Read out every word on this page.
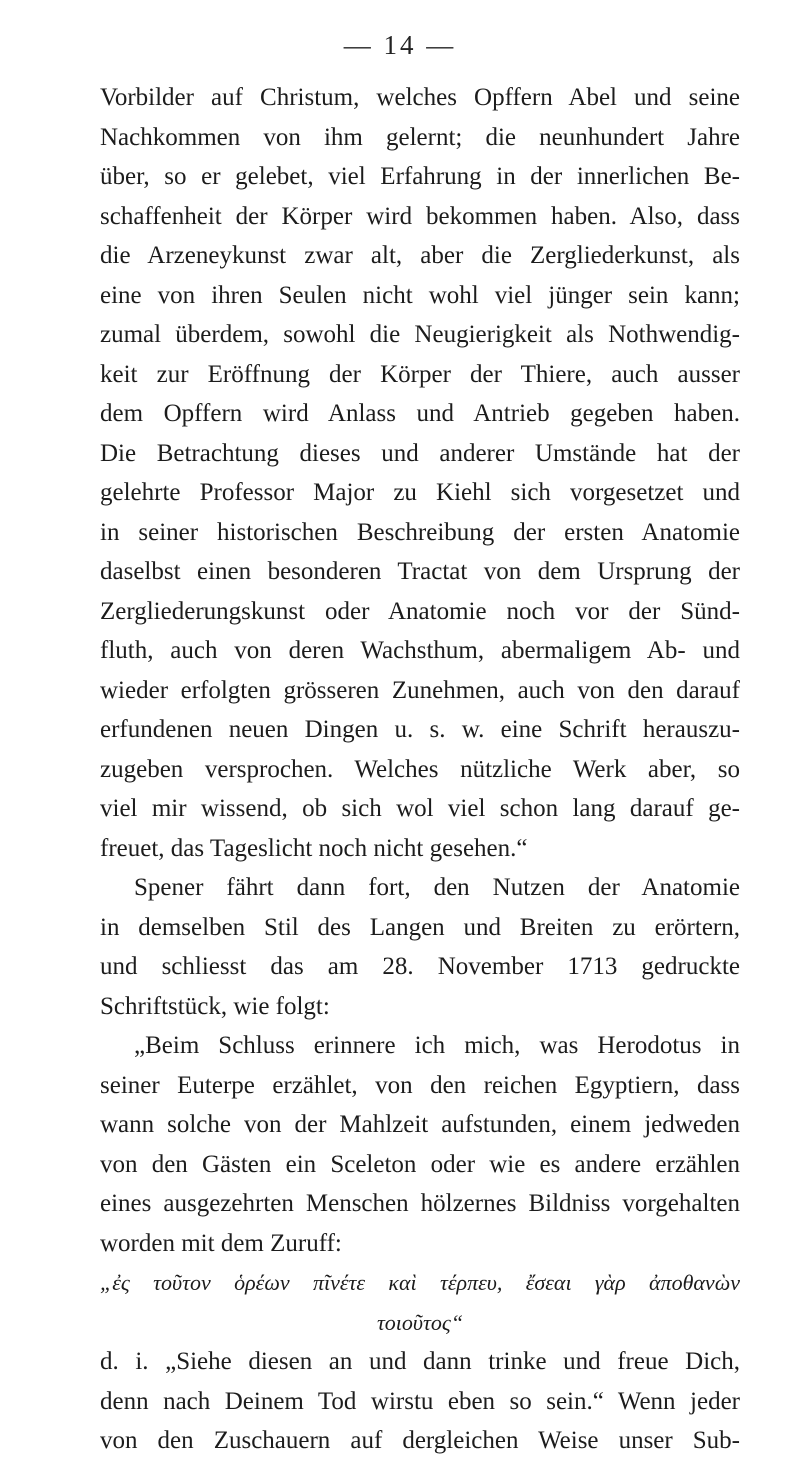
— 14 —
Vorbilder auf Christum, welches Opffern Abel und seine
Nachkommen von ihm gelernt; die neunhundert Jahre
über, so er gelebet, viel Erfahrung in der innerlichen Be-
schaffenheit der Körper wird bekommen haben. Also, dass
die Arzeneykunst zwar alt, aber die Zergliederkunst, als
eine von ihren Seulen nicht wohl viel jünger sein kann;
zumal überdem, sowohl die Neugierigkeit als Nothwendig-
keit zur Eröffnung der Körper der Thiere, auch ausser
dem Opffern wird Anlass und Antrieb gegeben haben.
Die Betrachtung dieses und anderer Umstände hat der
gelehrte Professor Major zu Kiehl sich vorgesetzet und
in seiner historischen Beschreibung der ersten Anatomie
daselbst einen besonderen Tractat von dem Ursprung der
Zergliederungskunst oder Anatomie noch vor der Sünd-
fluth, auch von deren Wachsthum, abermaligem Ab- und
wieder erfolgten grösseren Zunehmen, auch von den darauf
erfundenen neuen Dingen u. s. w. eine Schrift herauszu-
zugeben versprochen. Welches nützliche Werk aber, so
viel mir wissend, ob sich wol viel schon lang darauf ge-
freuet, das Tageslicht noch nicht gesehen.“
Spener fährt dann fort, den Nutzen der Anatomie
in demselben Stil des Langen und Breiten zu erörtern,
und schliesst das am 28. November 1713 gedruckte
Schriftstück, wie folgt:
„Beim Schluss erinnere ich mich, was Herodotus in
seiner Euterpe erzählet, von den reichen Egyptiern, dass
wann solche von der Mahlzeit aufstunden, einem jedweden
von den Gästen ein Sceleton oder wie es andere erzählen
eines ausgezehrten Menschen hölzernes Bildniss vorgehalten
worden mit dem Zuruff:
„ἐς τοῦτον ὁρέων πῖνέτε καὶ τέρπευ, ἔσεαι γὰρ ἀποθανὼν
τοιοῦτος“
d. i. „Siehe diesen an und dann trinke und freue Dich,
denn nach Deinem Tod wirstu eben so sein.“ Wenn jeder
von den Zuschauern auf dergleichen Weise unser Sub-
